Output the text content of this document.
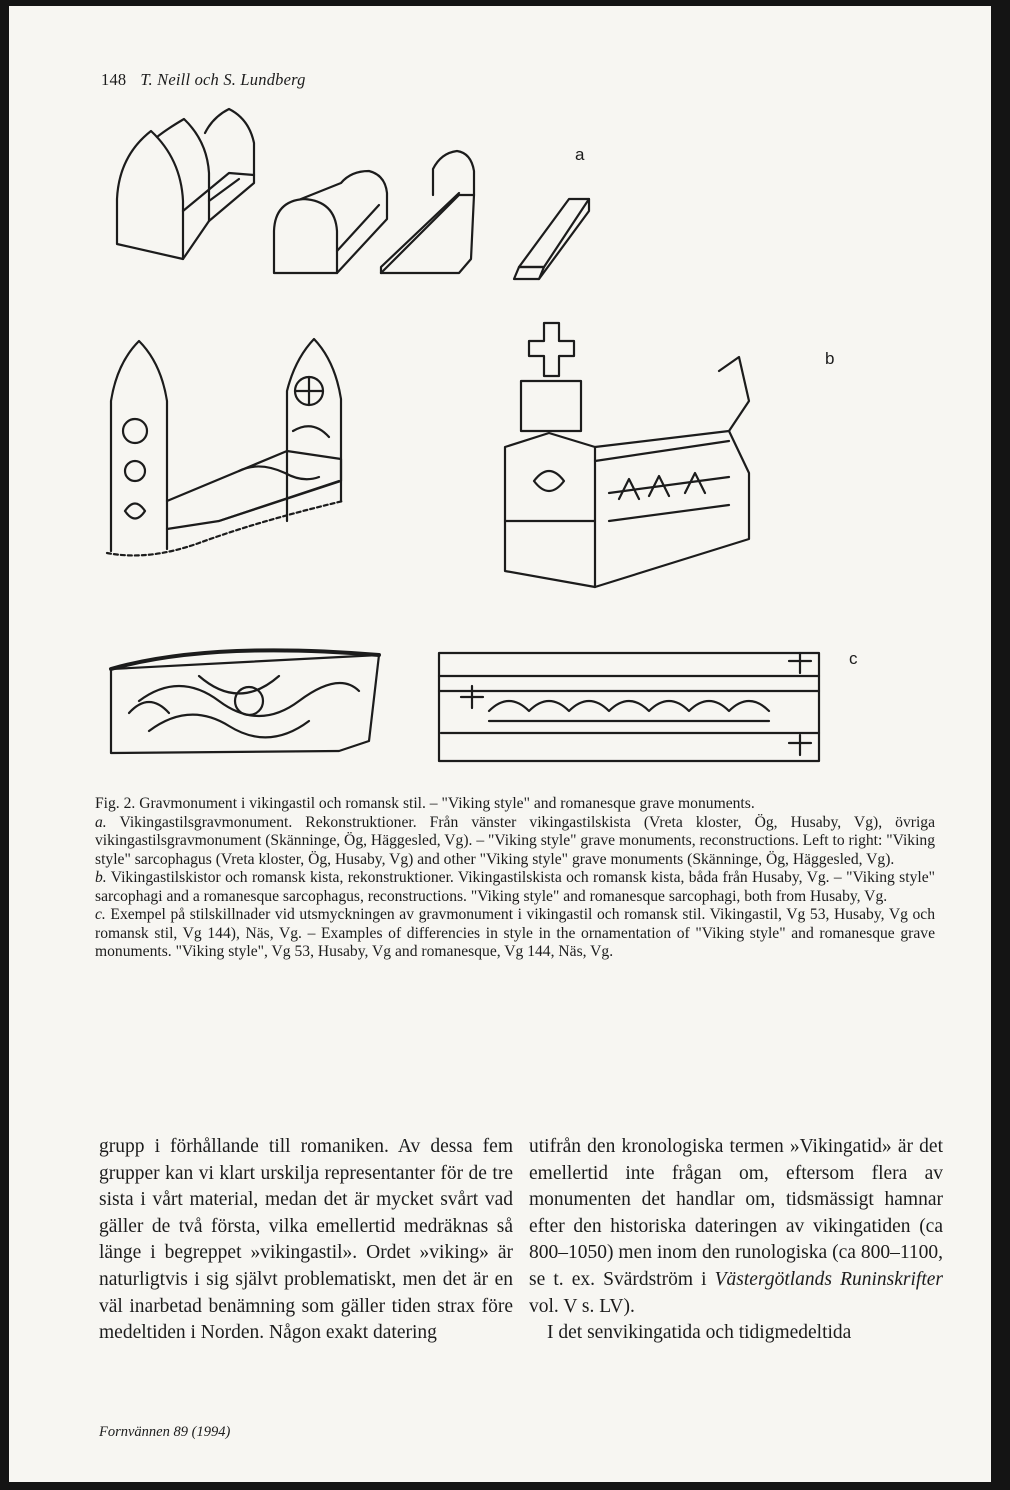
148 T. Neill och S. Lundberg
a
b
c

Fig. 2. Gravmonument i vikingastil och romansk stil. – "Viking style" and romanesque grave monuments.

a. Vikingastilsgravmonument. Rekonstruktioner. Från vänster vikingastilskista (Vreta kloster, Ög, Husaby, Vg), övriga vikingastilsgravmonument (Skänninge, Ög, Häggesled, Vg). – "Viking style" grave monuments, reconstructions. Left to right: "Viking style" sarcophagus (Vreta kloster, Ög, Husaby, Vg) and other "Viking style" grave monuments (Skänninge, Ög, Häggesled, Vg).

b. Vikingastilskistor och romansk kista, rekonstruktioner. Vikingastilskista och romansk kista, båda från Husaby, Vg. – "Viking style" sarcophagi and a romanesque sarcophagus, reconstructions. "Viking style" and romanesque sarcophagi, both from Husaby, Vg.

c. Exempel på stilskillnader vid utsmyckningen av gravmonument i vikingastil och romansk stil. Vikingastil, Vg 53, Husaby, Vg och romansk stil, Vg 144), Näs, Vg. – Examples of differencies in style in the ornamentation of "Viking style" and romanesque grave monuments. "Viking style", Vg 53, Husaby, Vg and romanesque, Vg 144, Näs, Vg.

grupp i förhållande till romaniken. Av dessa fem grupper kan vi klart urskilja representanter för de tre sista i vårt material, medan det är mycket svårt vad gäller de två första, vilka emellertid medräknas så länge i begreppet »vikingastil». Ordet »viking» är naturligtvis i sig självt problematiskt, men det är en väl inarbetad benämning som gäller tiden strax före medeltiden i Norden. Någon exakt datering

utifrån den kronologiska termen »Vikingatid» är det emellertid inte frågan om, eftersom flera av monumenten det handlar om, tidsmässigt hamnar efter den historiska dateringen av vikingatiden (ca 800–1050) men inom den runologiska (ca 800–1100, se t. ex. Svärdström i Västergötlands Runinskrifter vol. V s. LV).

I det senvikingatida och tidigmedeltida

Fornvännen 89 (1994)
